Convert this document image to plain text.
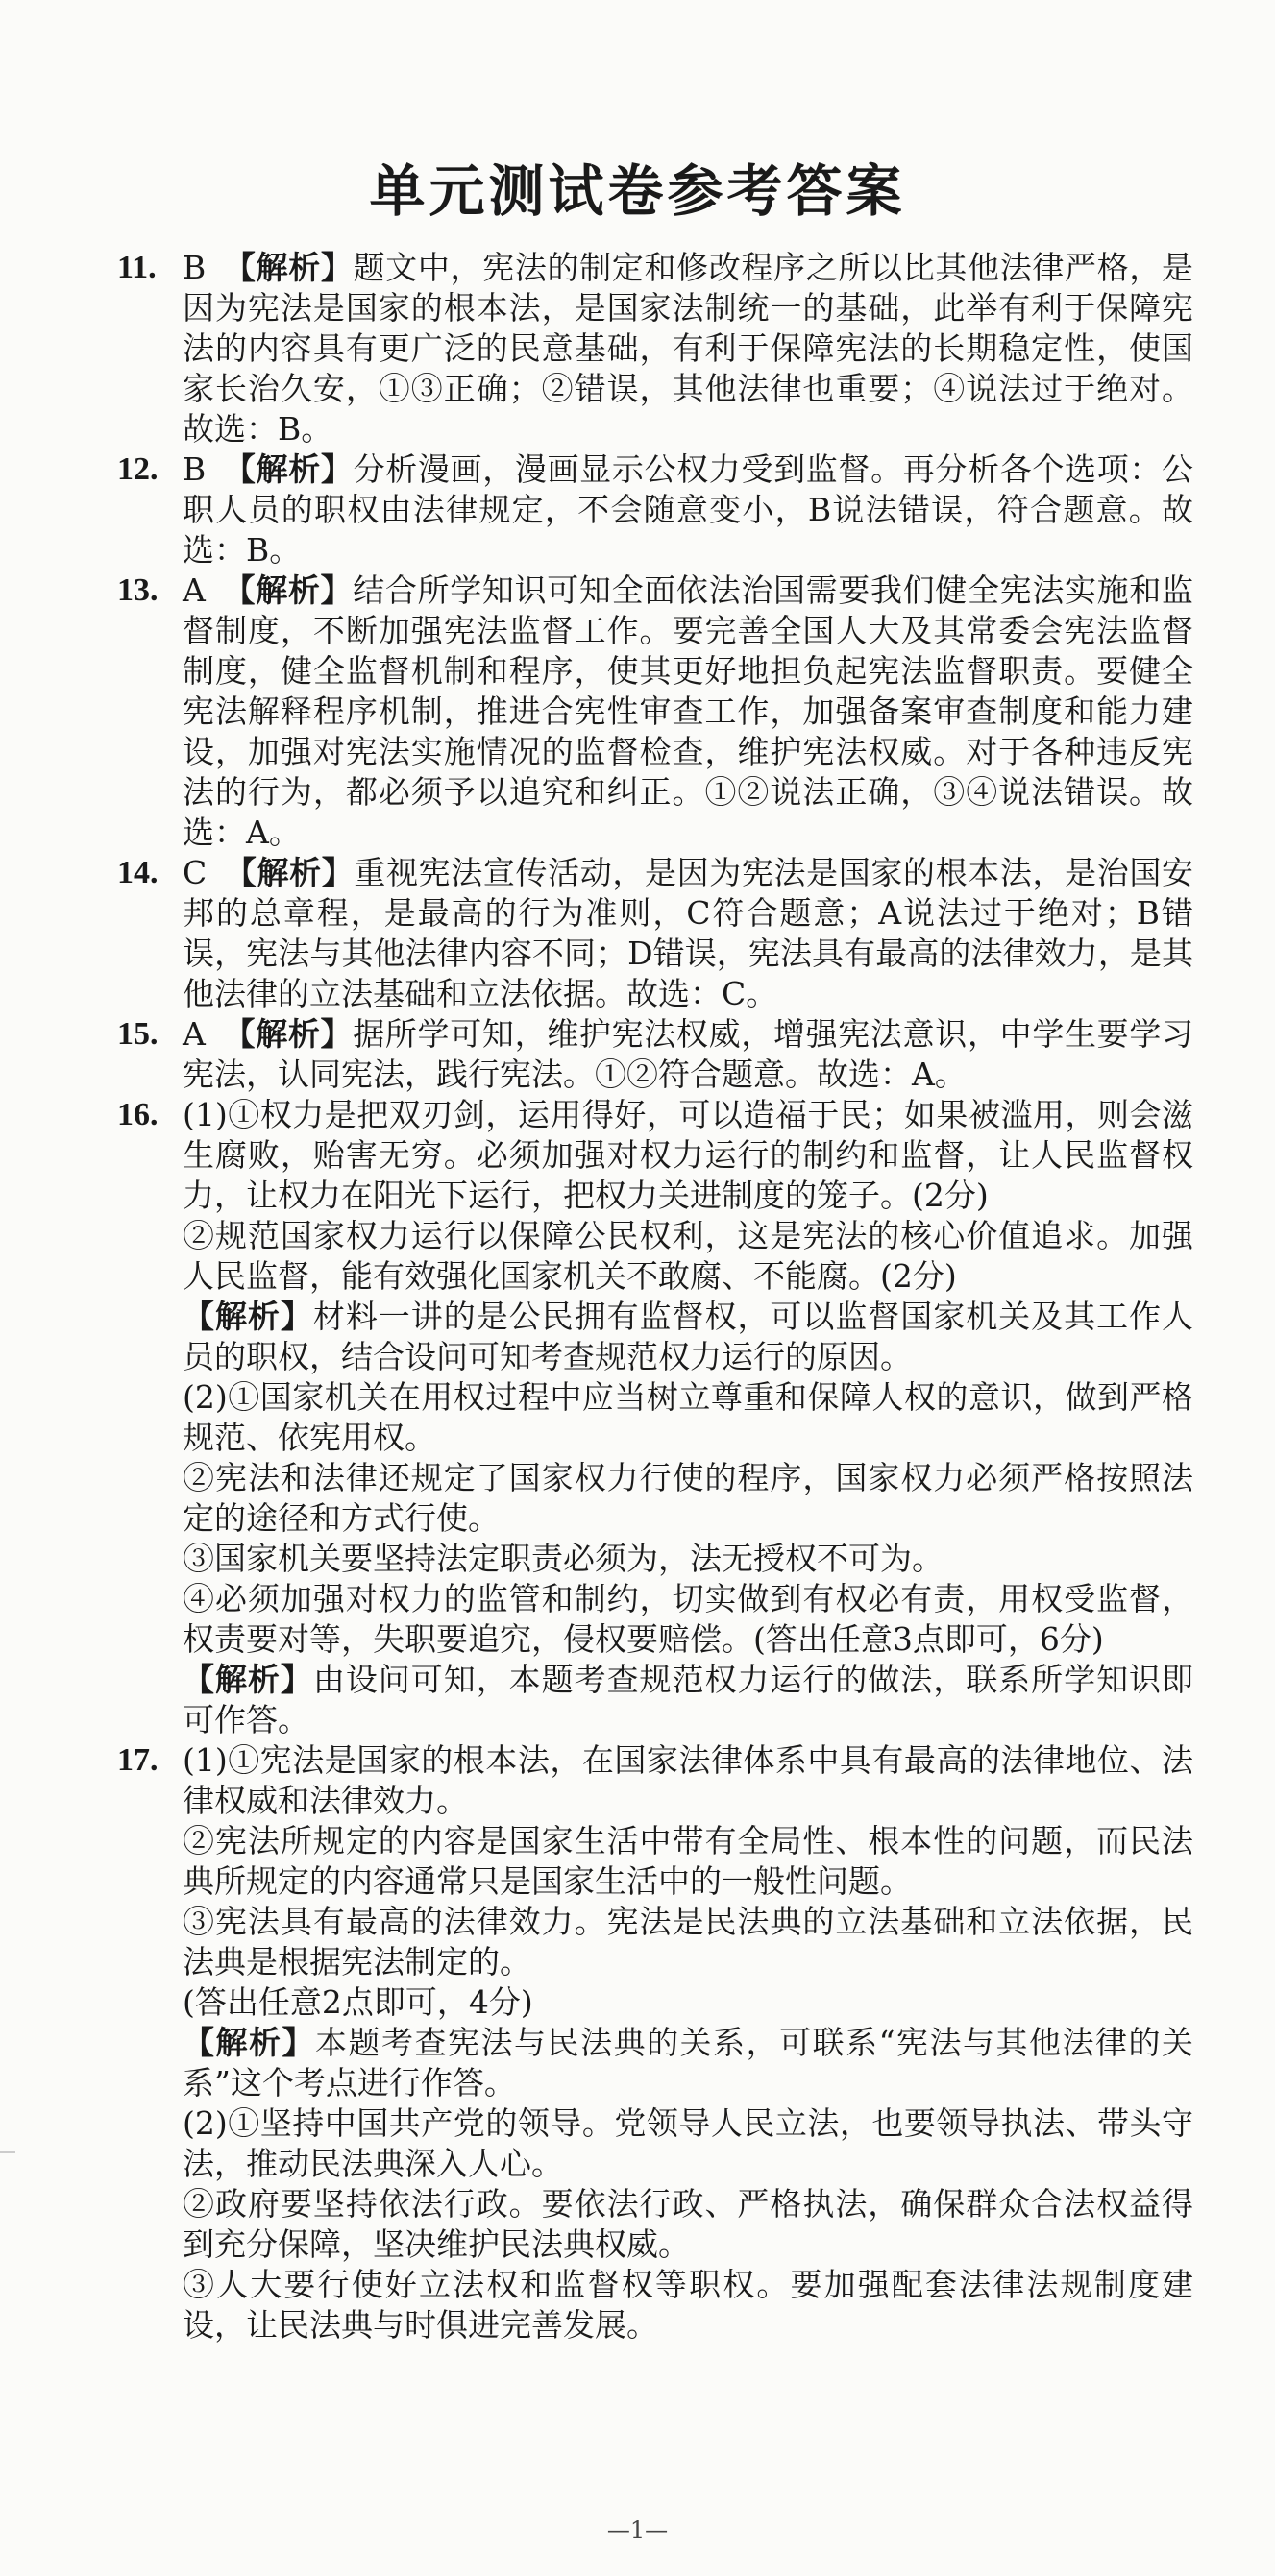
单元测试卷参考答案
11. B 【解析】题文中，宪法的制定和修改程序之所以比其他法律严格，是因为宪法是国家的根本法，是国家法制统一的基础，此举有利于保障宪法的内容具有更广泛的民意基础，有利于保障宪法的长期稳定性，使国家长治久安，①③正确；②错误，其他法律也重要；④说法过于绝对。故选：B。

12. B 【解析】分析漫画，漫画显示公权力受到监督。再分析各个选项：公职人员的职权由法律规定，不会随意变小，B说法错误，符合题意。故选：B。

13. A 【解析】结合所学知识可知全面依法治国需要我们健全宪法实施和监督制度，不断加强宪法监督工作。要完善全国人大及其常委会宪法监督制度，健全监督机制和程序，使其更好地担负起宪法监督职责。要健全宪法解释程序机制，推进合宪性审查工作，加强备案审查制度和能力建设，加强对宪法实施情况的监督检查，维护宪法权威。对于各种违反宪法的行为，都必须予以追究和纠正。①②说法正确，③④说法错误。故选：A。

14. C 【解析】重视宪法宣传活动，是因为宪法是国家的根本法，是治国安邦的总章程，是最高的行为准则，C符合题意；A说法过于绝对；B错误，宪法与其他法律内容不同；D错误，宪法具有最高的法律效力，是其他法律的立法基础和立法依据。故选：C。

15. A 【解析】据所学可知，维护宪法权威，增强宪法意识，中学生要学习宪法，认同宪法，践行宪法。①②符合题意。故选：A。

16. (1)①权力是把双刃剑，运用得好，可以造福于民；如果被滥用，则会滋生腐败，贻害无穷。必须加强对权力运行的制约和监督，让人民监督权力，让权力在阳光下运行，把权力关进制度的笼子。(2分)

②规范国家权力运行以保障公民权利，这是宪法的核心价值追求。加强人民监督，能有效强化国家机关不敢腐、不能腐。(2分)

【解析】材料一讲的是公民拥有监督权，可以监督国家机关及其工作人员的职权，结合设问可知考查规范权力运行的原因。

(2)①国家机关在用权过程中应当树立尊重和保障人权的意识，做到严格规范、依宪用权。

②宪法和法律还规定了国家权力行使的程序，国家权力必须严格按照法定的途径和方式行使。

③国家机关要坚持法定职责必须为，法无授权不可为。

④必须加强对权力的监管和制约，切实做到有权必有责，用权受监督，权责要对等，失职要追究，侵权要赔偿。(答出任意3点即可，6分)

【解析】由设问可知，本题考查规范权力运行的做法，联系所学知识即可作答。

17. (1)①宪法是国家的根本法，在国家法律体系中具有最高的法律地位、法律权威和法律效力。

②宪法所规定的内容是国家生活中带有全局性、根本性的问题，而民法典所规定的内容通常只是国家生活中的一般性问题。

③宪法具有最高的法律效力。宪法是民法典的立法基础和立法依据，民法典是根据宪法制定的。

(答出任意2点即可，4分)

【解析】本题考查宪法与民法典的关系，可联系“宪法与其他法律的关系”这个考点进行作答。

(2)①坚持中国共产党的领导。党领导人民立法，也要领导执法、带头守法，推动民法典深入人心。

②政府要坚持依法行政。要依法行政、严格执法，确保群众合法权益得到充分保障，坚决维护民法典权威。

③人大要行使好立法权和监督权等职权。要加强配套法律法规制度建设，让民法典与时俱进完善发展。

—1—
